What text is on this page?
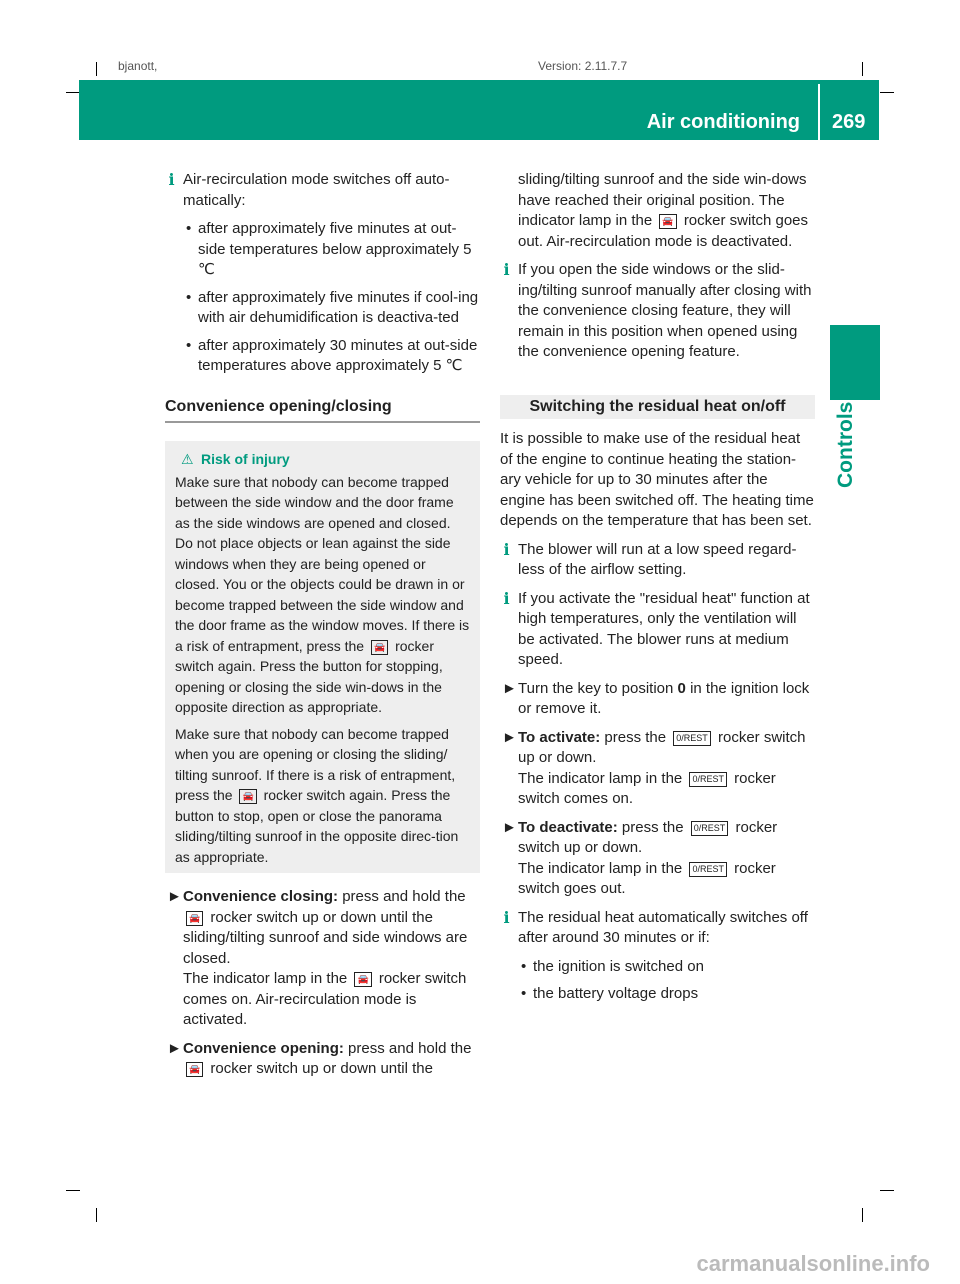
bjanott,	Version: 2.11.7.7
Air conditioning 269
Controls
i Air-recirculation mode switches off auto-matically:

• after approximately five minutes at out-side temperatures below approximately 5 ℃
• after approximately five minutes if cool-ing with air dehumidification is deactiva-ted
• after approximately 30 minutes at out-side temperatures above approximately 5 ℃
Convenience opening/closing
⚠ Risk of injury

Make sure that nobody can become trapped between the side window and the door frame as the side windows are opened and closed. Do not place objects or lean against the side windows when they are being opened or closed. You or the objects could be drawn in or become trapped between the side window and the door frame as the window moves. If there is a risk of entrapment, press the 🚘 rocker switch again. Press the button for stopping, opening or closing the side win-dows in the opposite direction as appropriate.

Make sure that nobody can become trapped when you are opening or closing the sliding/ tilting sunroof. If there is a risk of entrapment, press the 🚘 rocker switch again. Press the button to stop, open or close the panorama sliding/tilting sunroof in the opposite direc-tion as appropriate.

► Convenience closing: press and hold the 🚘 rocker switch up or down until the sliding/tilting sunroof and side windows are closed.
The indicator lamp in the 🚘 rocker switch comes on. Air-recirculation mode is activated.
► Convenience opening: press and hold the 🚘 rocker switch up or down until the

sliding/tilting sunroof and the side win-dows have reached their original position. The indicator lamp in the 🚘 rocker switch goes out. Air-recirculation mode is deactivated.

i If you open the side windows or the slid-ing/tilting sunroof manually after closing with the convenience closing feature, they will remain in this position when opened using the convenience opening feature.
Switching the residual heat on/off

It is possible to make use of the residual heat of the engine to continue heating the station-ary vehicle for up to 30 minutes after the engine has been switched off. The heating time depends on the temperature that has been set.

i The blower will run at a low speed regard-less of the airflow setting.
i If you activate the "residual heat" function at high temperatures, only the ventilation will be activated. The blower runs at medium speed.
► Turn the key to position 0 in the ignition lock or remove it.
► To activate: press the 0/REST rocker switch up or down.
The indicator lamp in the 0/REST rocker switch comes on.
► To deactivate: press the 0/REST rocker switch up or down.
The indicator lamp in the 0/REST rocker switch goes out.
i The residual heat automatically switches off after around 30 minutes or if:

• the ignition is switched on
• the battery voltage drops
carmanualsonline.info
